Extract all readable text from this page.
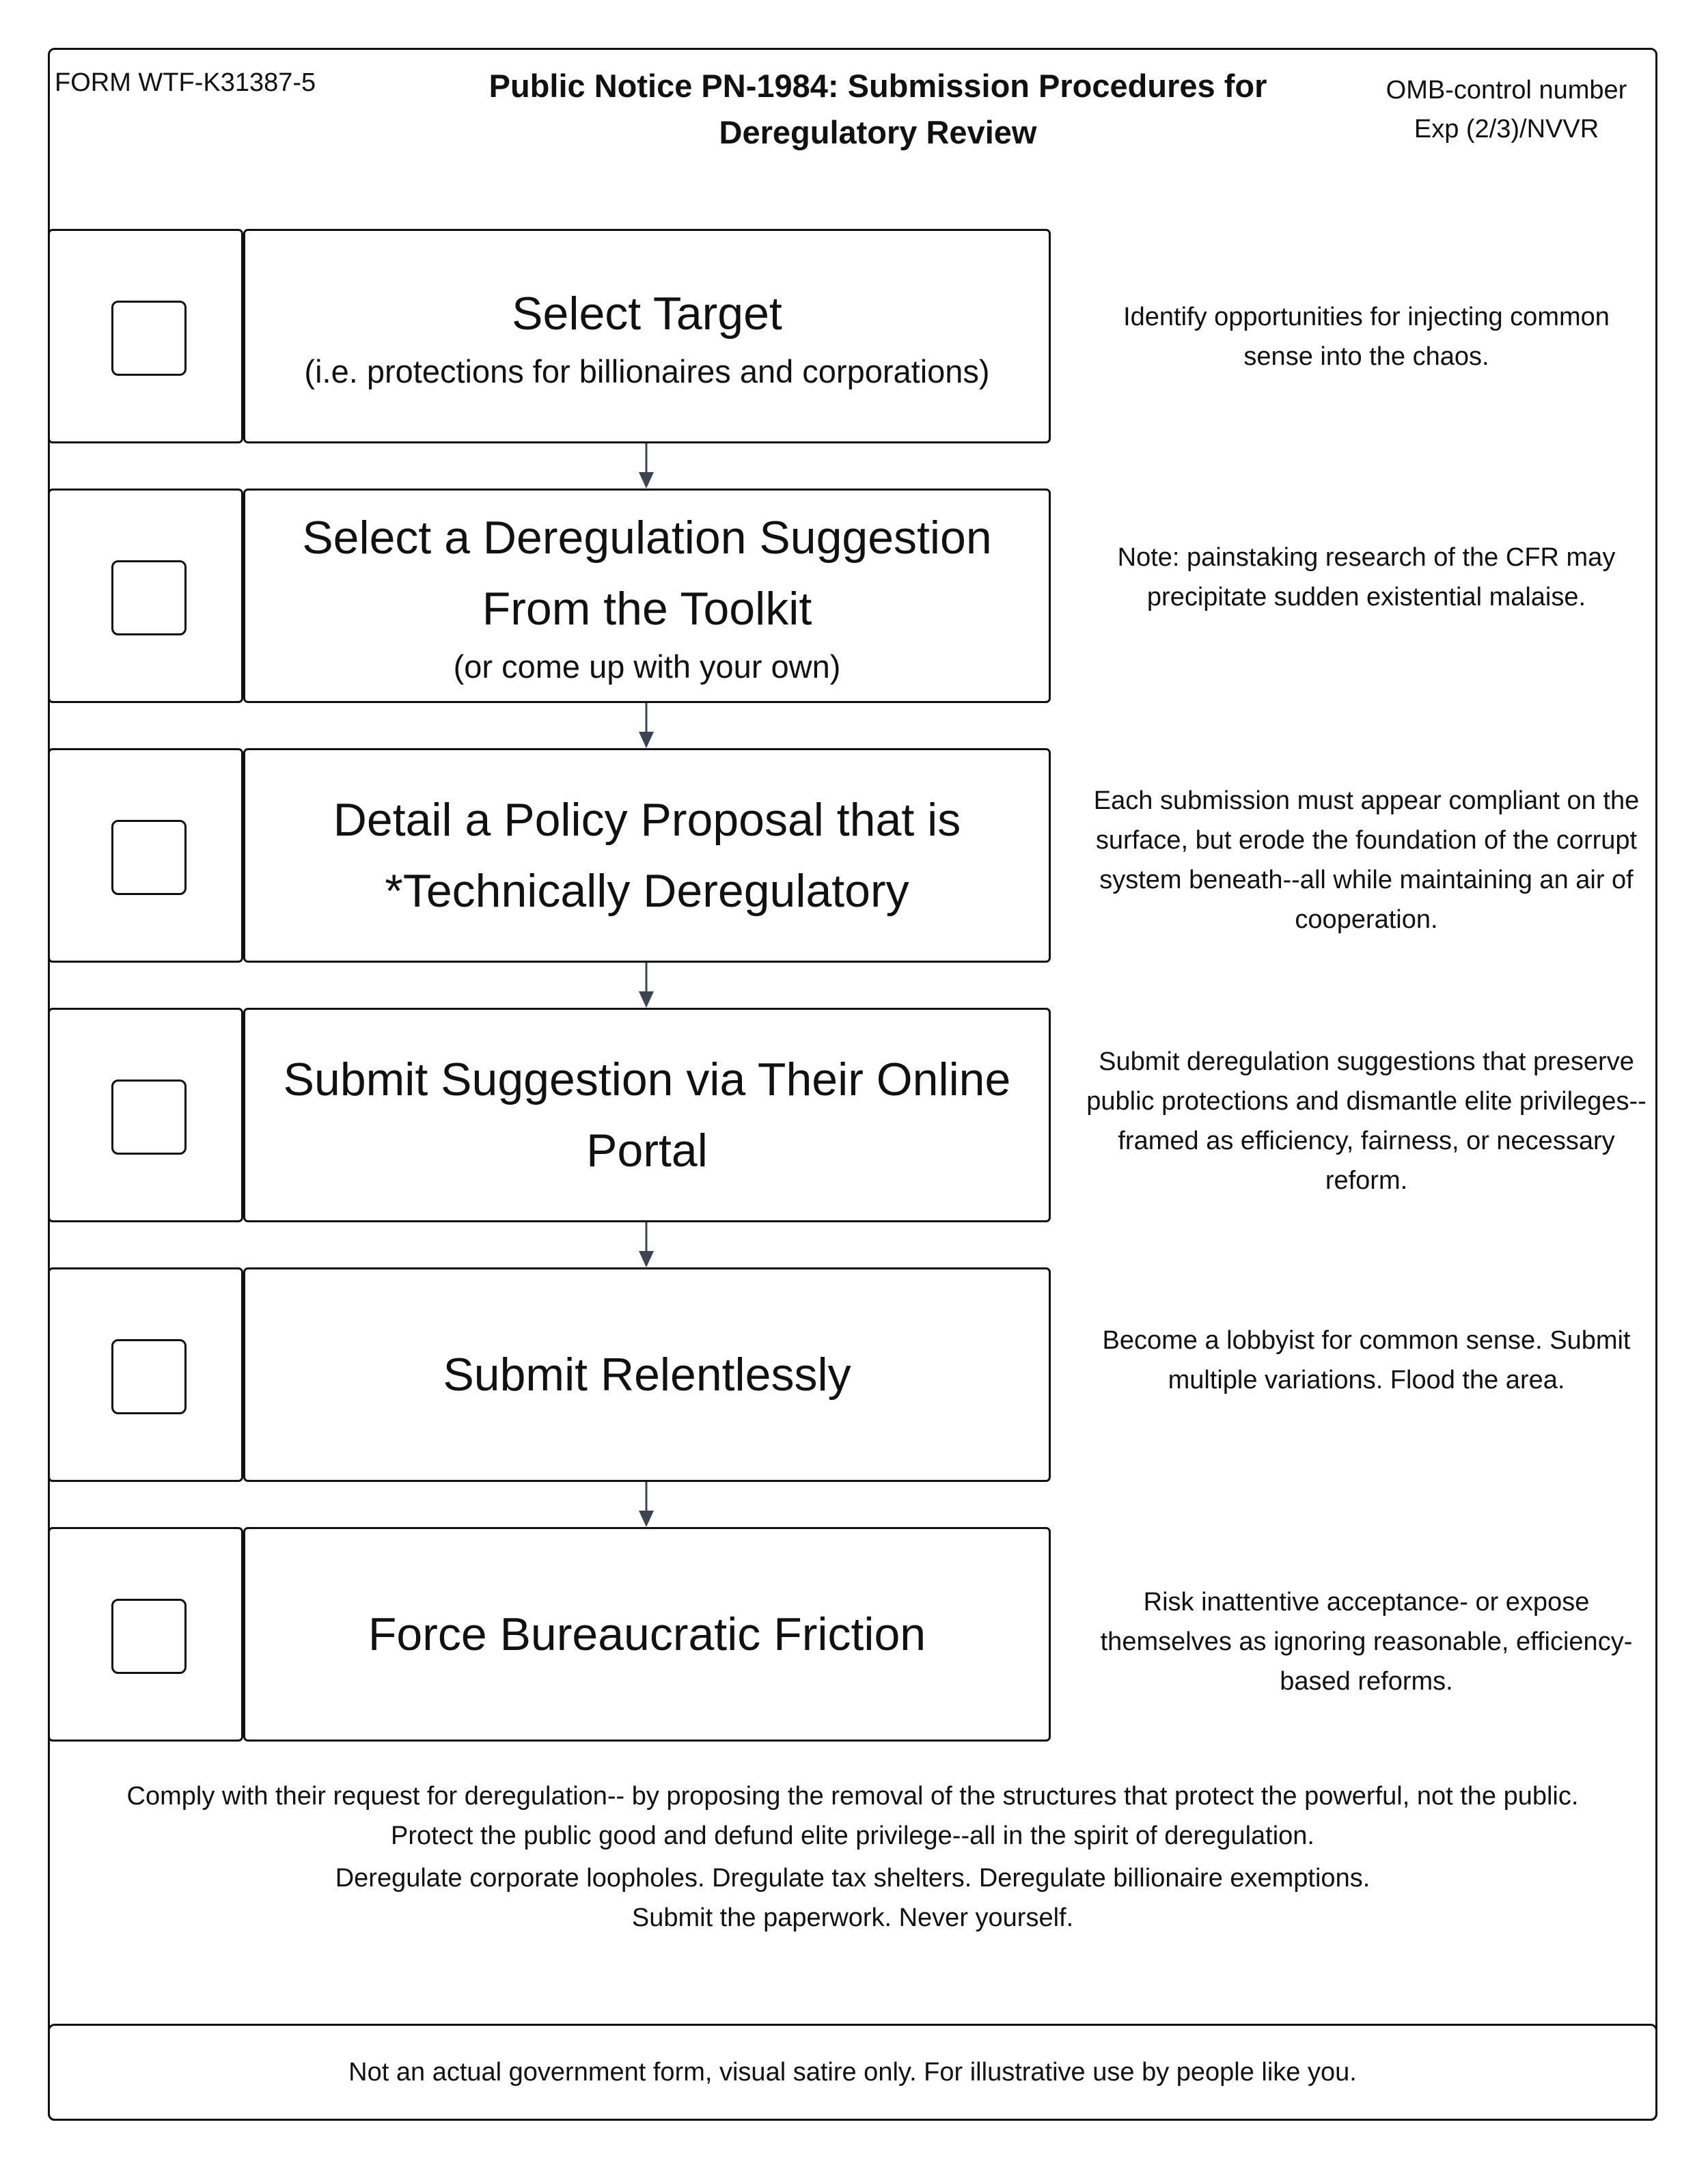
FORM WTF-K31387-5	Public Notice PN-1984: Submission Procedures for
Deregulatory Review
OMB-control number
Exp (2/3)/NVVR
Select Target
(i.e. protections for billionaires and corporations)
Identify opportunities for injecting common sense into the chaos.
Select a Deregulation Suggestion From the Toolkit
(or come up with your own)
Note: painstaking research of the CFR may precipitate sudden existential malaise.
Detail a Policy Proposal that is *Technically Deregulatory
Each submission must appear compliant on the surface, but erode the foundation of the corrupt system beneath--all while maintaining an air of cooperation.
Submit Suggestion via Their Online Portal
Submit deregulation suggestions that preserve public protections and dismantle elite privileges-- framed as efficiency, fairness, or necessary reform.
Submit Relentlessly
Become a lobbyist for common sense. Submit multiple variations. Flood the area.
Force Bureaucratic Friction
Risk inattentive acceptance- or expose themselves as ignoring reasonable, efficiency-based reforms.

Comply with their request for deregulation-- by proposing the removal of the structures that protect the powerful, not the public.

Protect the public good and defund elite privilege--all in the spirit of deregulation.

Deregulate corporate loopholes. Dregulate tax shelters. Deregulate billionaire exemptions.

Submit the paperwork. Never yourself.

Not an actual government form, visual satire only. For illustrative use by people like you.
